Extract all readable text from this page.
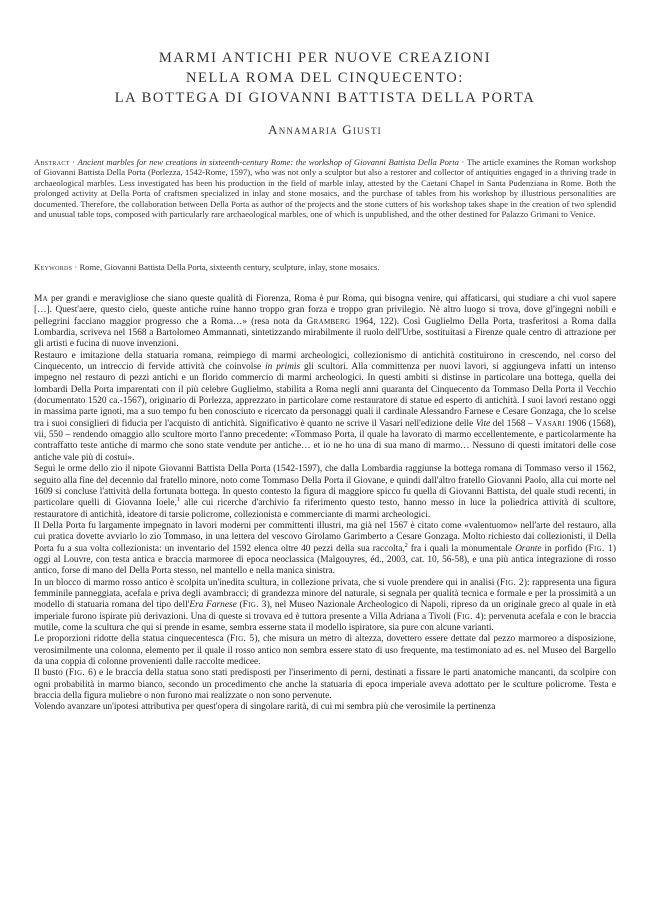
MARMI ANTICHI PER NUOVE CREAZIONI
NELLA ROMA DEL CINQUECENTO:
LA BOTTEGA DI GIOVANNI BATTISTA DELLA PORTA
Annamaria Giusti
Abstract · Ancient marbles for new creations in sixteenth-century Rome: the workshop of Giovanni Battista Della Porta · The article examines the Roman workshop of Giovanni Battista Della Porta (Porlezza, 1542-Rome, 1597), who was not only a sculptor but also a restorer and collector of antiquities engaged in a thriving trade in archaeological marbles. Less investigated has been his production in the field of marble inlay, attested by the Caetani Chapel in Santa Pudenziana in Rome. Both the prolonged activity at Della Porta of craftsmen specialized in inlay and stone mosaics, and the purchase of tables from his workshop by illustrious personalities are documented. Therefore, the collaboration between Della Porta as author of the projects and the stone cutters of his workshop takes shape in the creation of two splendid and unusual table tops, composed with particularly rare archaeological marbles, one of which is unpublished, and the other destined for Palazzo Grimani to Venice.
Keywords · Rome, Giovanni Battista Della Porta, sixteenth century, sculpture, inlay, stone mosaics.

Ma per grandi e meravigliose che siano queste qualità di Fiorenza, Roma è pur Roma, qui bisogna venire, qui affaticarsi, qui studiare a chi vuol sapere […]. Quest'aere, questo cielo, queste antiche ruine hanno troppo gran forza e troppo gran privilegio. Nè altro luogo si trova, dove gl'ingegni nobili e pellegrini facciano maggior progresso che a Roma…» (resa nota da Gramberg 1964, 122). Così Guglielmo Della Porta, trasferitosi a Roma dalla Lombardia, scriveva nel 1568 a Bartolomeo Ammannati, sintetizzando mirabilmente il ruolo dell'Urbe, sostituitasi a Firenze quale centro di attrazione per gli artisti e fucina di nuove invenzioni.

Restauro e imitazione della statuaria romana, reimpiego di marmi archeologici, collezionismo di antichità costituirono in crescendo, nel corso del Cinquecento, un intreccio di fervide attività che coinvolse in primis gli scultori. Alla committenza per nuovi lavori, si aggiungeva infatti un intenso impegno nel restauro di pezzi antichi e un florido commercio di marmi archeologici. In questi ambiti si distinse in particolare una bottega, quella dei lombardi Della Porta imparentati con il più celebre Guglielmo, stabilita a Roma negli anni quaranta del Cinquecento da Tommaso Della Porta il Vecchio (documentato 1520 ca.-1567), originario di Porlezza, apprezzato in particolare come restauratore di statue ed esperto di antichità. I suoi lavori restano oggi in massima parte ignoti, ma a suo tempo fu ben conosciuto e ricercato da personaggi quali il cardinale Alessandro Farnese e Cesare Gonzaga, che lo scelse tra i suoi consiglieri di fiducia per l'acquisto di antichità. Significativo è quanto ne scrive il Vasari nell'edizione delle Vite del 1568 – Vasari 1906 (1568), vii, 550 – rendendo omaggio allo scultore morto l'anno precedente: «Tommaso Porta, il quale ha lavorato di marmo eccellentemente, e particolarmente ha contraffatto teste antiche di marmo che sono state vendute per antiche… et io ne ho una di sua mano di marmo… Nessuno di questi imitatori delle cose antiche vale più di costui».

Seguì le orme dello zio il nipote Giovanni Battista Della Porta (1542-1597), che dalla Lombardia raggiunse la bottega romana di Tommaso verso il 1562, seguito alla fine del decennio dal fratello minore, noto come Tommaso Della Porta il Giovane, e quindi dall'altro fratello Giovanni Paolo, alla cui morte nel 1609 si concluse l'attività della fortunata bottega. In questo contesto la figura di maggiore spicco fu quella di Giovanni Battista, del quale studi recenti, in particolare quelli di Giovanna Ioele,$^1$ alle cui ricerche d'archivio fa riferimento questo testo, hanno messo in luce la poliedrica attività di scultore, restauratore di antichità, ideatore di tarsie policrome, collezionista e commerciante di marmi archeologici.

Il Della Porta fu largamente impegnato in lavori moderni per committenti illustri, ma già nel 1567 è citato come «valentuomo» nell'arte del restauro, alla cui pratica dovette avviarlo lo zio Tommaso, in una lettera del vescovo Girolamo Garimberto a Cesare Gonzaga. Molto richiesto dai collezionisti, il Della Porta fu a sua volta collezionista: un inventario del 1592 elenca oltre 40 pezzi della sua raccolta,$^2$ fra i quali la monumentale Orante in porfido (Fig. 1) oggi al Louvre, con testa antica e braccia marmoree di epoca neoclassica (Malgouyres, éd., 2003, cat. 10, 56-58), e una più antica integrazione di rosso antico, forse di mano del Della Porta stesso, nel mantello e nella manica sinistra.

In un blocco di marmo rosso antico è scolpita un'inedita scultura, in collezione privata, che si vuole prendere qui in analisi (Fig. 2): rappresenta una figura femminile panneggiata, acefala e priva degli avambracci; di grandezza minore del naturale, si segnala per qualità tecnica e formale e per la prossimità a un modello di statuaria romana del tipo dell'Era Farnese (Fig. 3), nel Museo Nazionale Archeologico di Napoli, ripreso da un originale greco al quale in età imperiale furono ispirate più derivazioni. Una di queste si trovava ed è tuttora presente a Villa Adriana a Tivoli (Fig. 4): pervenuta acefala e con le braccia mutile, come la scultura che qui si prende in esame, sembra esserne stata il modello ispiratore, sia pure con alcune varianti.

Le proporzioni ridotte della statua cinquecentesca (Fig. 5), che misura un metro di altezza, dovettero essere dettate dal pezzo marmoreo a disposizione, verosimilmente una colonna, elemento per il quale il rosso antico non sembra essere stato di uso frequente, ma testimoniato ad es. nel Museo del Bargello da una coppia di colonne provenienti dalle raccolte medicee.

Il busto (Fig. 6) e le braccia della statua sono stati predisposti per l'inserimento di perni, destinati a fissare le parti anatomiche mancanti, da scolpire con ogni probabilità in marmo bianco, secondo un procedimento che anche la statuaria di epoca imperiale aveva adottato per le sculture policrome. Testa e braccia della figura muliebre o non furono mai realizzate o non sono pervenute.

Volendo avanzare un'ipotesi attributiva per quest'opera di singolare rarità, di cui mi sembra più che verosimile la pertinenza
